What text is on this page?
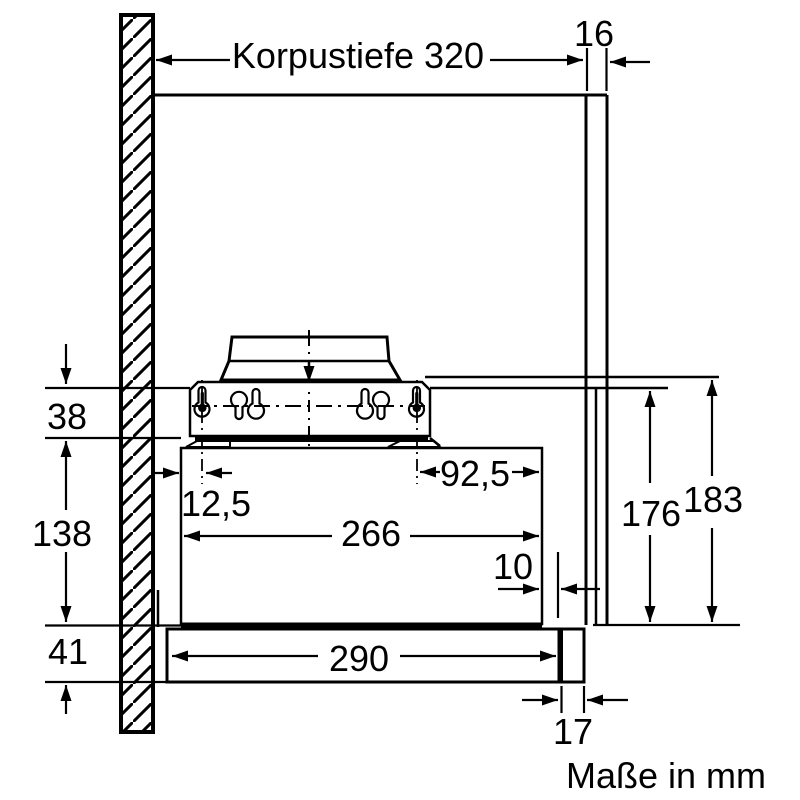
Korpustiefe 320
16
38
138
41
12,5
92,5
266
10
290
17
176 183
Maße in mm
